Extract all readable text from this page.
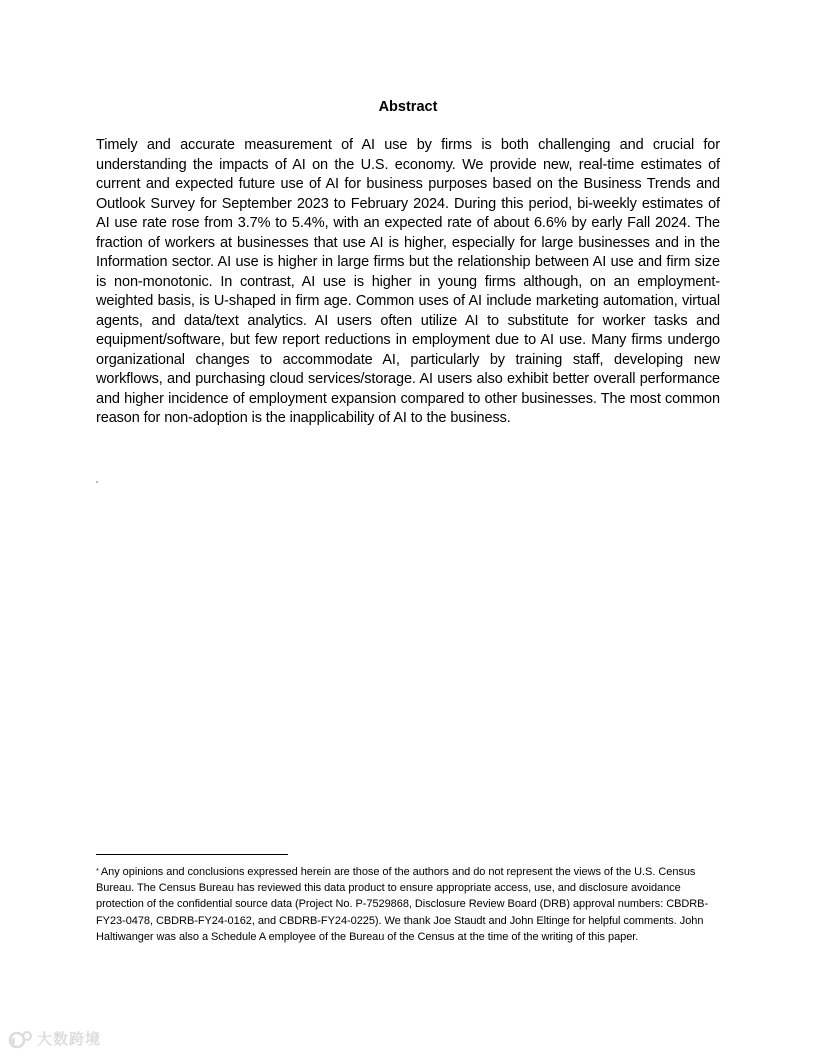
Abstract

Timely and accurate measurement of AI use by firms is both challenging and crucial for understanding the impacts of AI on the U.S. economy. We provide new, real-time estimates of current and expected future use of AI for business purposes based on the Business Trends and Outlook Survey for September 2023 to February 2024. During this period, bi-weekly estimates of AI use rate rose from 3.7% to 5.4%, with an expected rate of about 6.6% by early Fall 2024. The fraction of workers at businesses that use AI is higher, especially for large businesses and in the Information sector. AI use is higher in large firms but the relationship between AI use and firm size is non-monotonic. In contrast, AI use is higher in young firms although, on an employment-weighted basis, is U-shaped in firm age. Common uses of AI include marketing automation, virtual agents, and data/text analytics. AI users often utilize AI to substitute for worker tasks and equipment/software, but few report reductions in employment due to AI use. Many firms undergo organizational changes to accommodate AI, particularly by training staff, developing new workflows, and purchasing cloud services/storage. AI users also exhibit better overall performance and higher incidence of employment expansion compared to other businesses. The most common reason for non-adoption is the inapplicability of AI to the business.

* Any opinions and conclusions expressed herein are those of the authors and do not represent the views of the U.S. Census Bureau. The Census Bureau has reviewed this data product to ensure appropriate access, use, and disclosure avoidance protection of the confidential source data (Project No. P-7529868, Disclosure Review Board (DRB) approval numbers: CBDRB-FY23-0478, CBDRB-FY24-0162, and CBDRB-FY24-0225). We thank Joe Staudt and John Eltinge for helpful comments. John Haltiwanger was also a Schedule A employee of the Bureau of the Census at the time of the writing of this paper.

大数跨境
